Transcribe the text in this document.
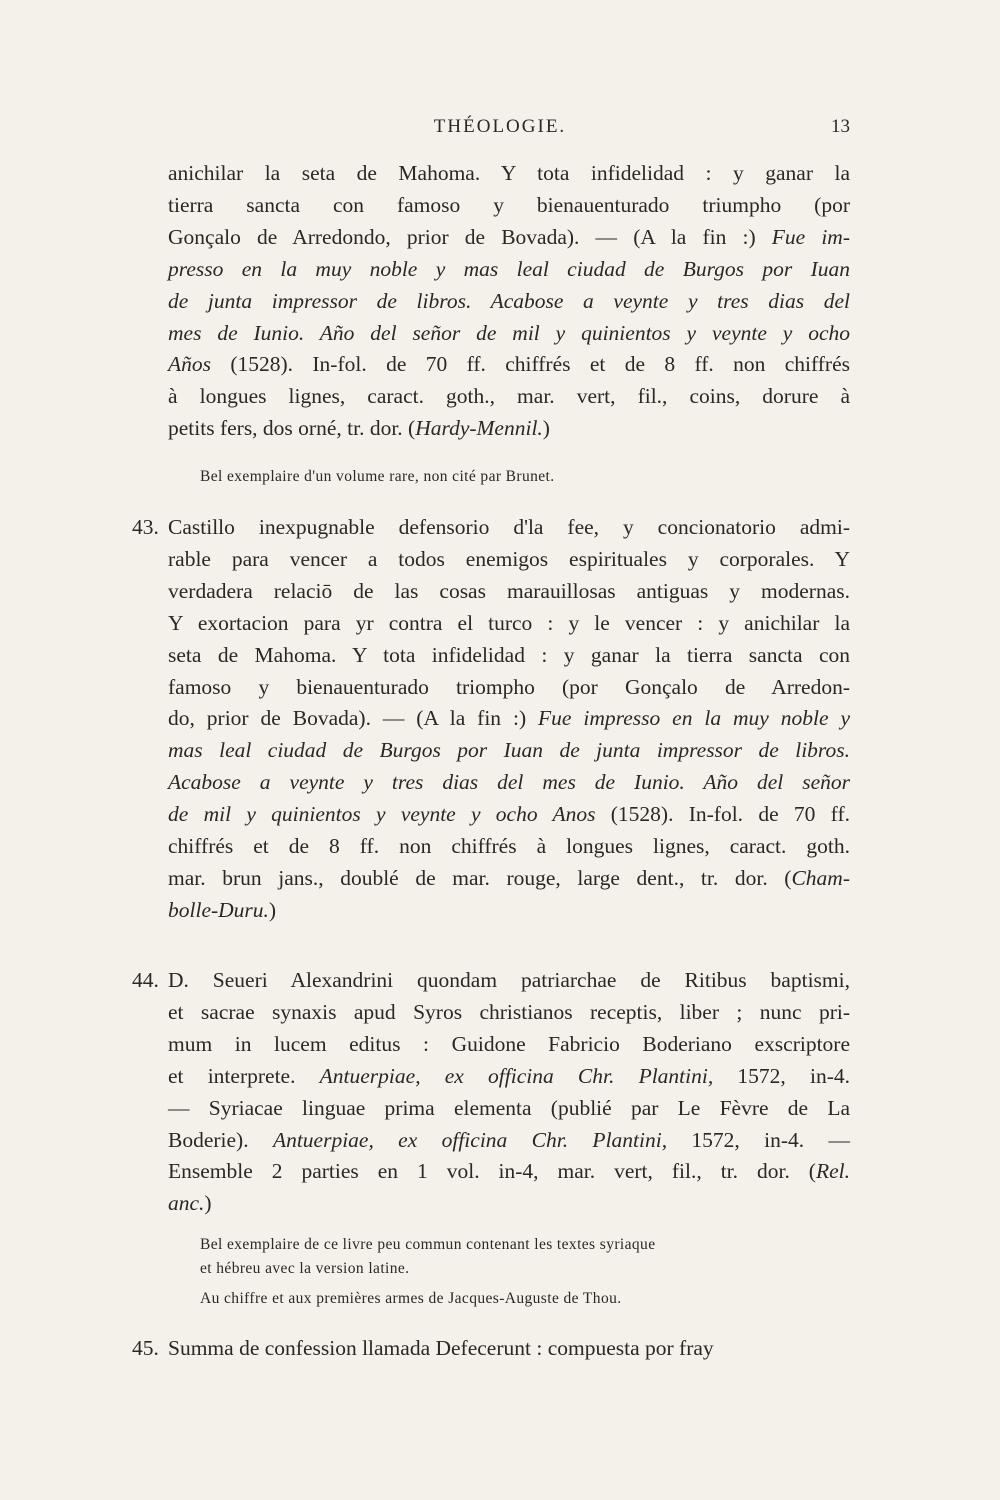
THÉOLOGIE.	13
anichilar la seta de Mahoma. Y tota infidelidad : y ganar la
tierra sancta con famoso y bienauenturado triumpho (por
Gonçalo de Arredondo, prior de Bovada). — (A la fin :) Fue im-
presso en la muy noble y mas leal ciudad de Burgos por Iuan
de junta impressor de libros. Acabose a veynte y tres dias del
mes de Iunio. Año del señor de mil y quinientos y veynte y ocho
Años (1528). In-fol. de 70 ff. chiffrés et de 8 ff. non chiffrés
à longues lignes, caract. goth., mar. vert, fil., coins, dorure à
petits fers, dos orné, tr. dor. (Hardy-Mennil.)
Bel exemplaire d'un volume rare, non cité par Brunet.
43. Castillo inexpugnable defensorio d'la fee, y concionatorio admi-
rable para vencer a todos enemigos espirituales y corporales. Y
verdadera relaciō de las cosas marauillosas antiguas y modernas.
Y exortacion para yr contra el turco : y le vencer : y anichilar la
seta de Mahoma. Y tota infidelidad : y ganar la tierra sancta con
famoso y bienauenturado triompho (por Gonçalo de Arredon-
do, prior de Bovada). — (A la fin :) Fue impresso en la muy noble y
mas leal ciudad de Burgos por Iuan de junta impressor de libros.
Acabose a veynte y tres dias del mes de Iunio. Año del señor
de mil y quinientos y veynte y ocho Anos (1528). In-fol. de 70 ff.
chiffrés et de 8 ff. non chiffrés à longues lignes, caract. goth.
mar. brun jans., doublé de mar. rouge, large dent., tr. dor. (Cham-
bolle-Duru.)
44. D. Seueri Alexandrini quondam patriarchae de Ritibus baptismi,
et sacrae synaxis apud Syros christianos receptis, liber ; nunc pri-
mum in lucem editus : Guidone Fabricio Boderiano exscriptore
et interprete. Antuerpiae, ex officina Chr. Plantini, 1572, in-4.
— Syriacae linguae prima elementa (publié par Le Fèvre de La
Boderie). Antuerpiae, ex officina Chr. Plantini, 1572, in-4. —
Ensemble 2 parties en 1 vol. in-4, mar. vert, fil., tr. dor. (Rel.
anc.)
Bel exemplaire de ce livre peu commun contenant les textes syriaque
et hébreu avec la version latine.
Au chiffre et aux premières armes de Jacques-Auguste de Thou.
45. Summa de confession llamada Defecerunt : compuesta por fray
